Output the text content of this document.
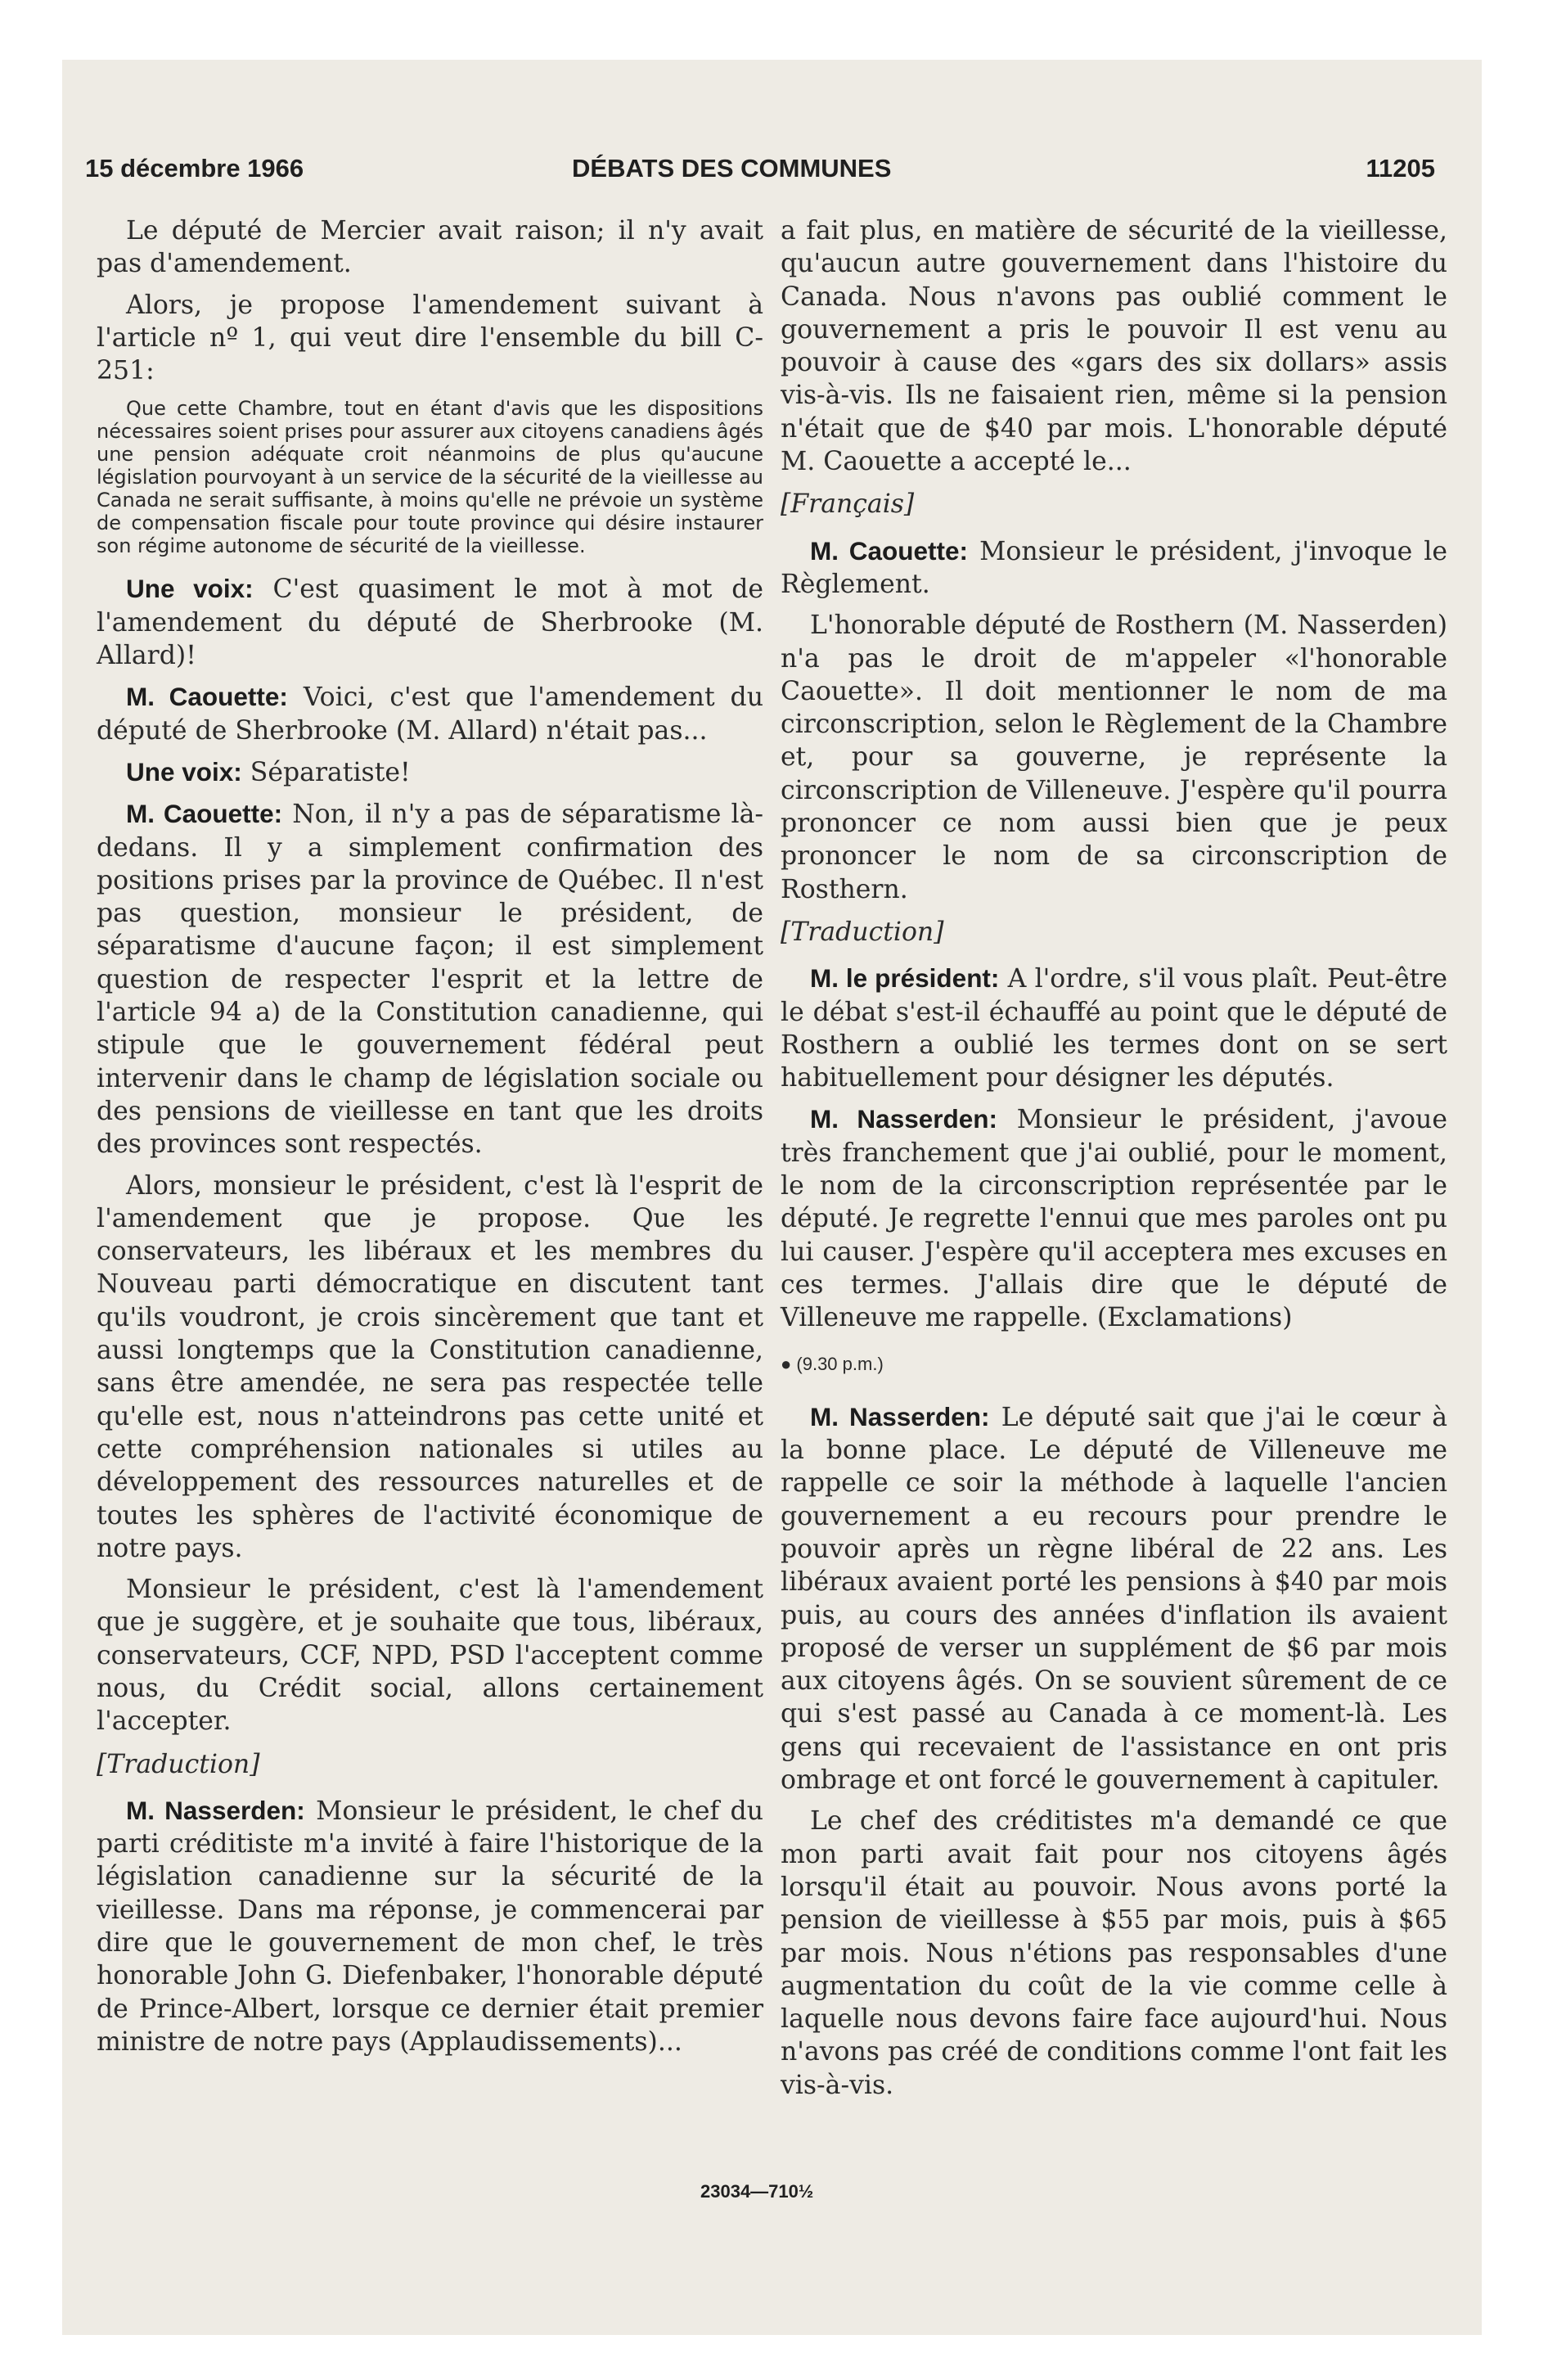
15 décembre 1966	DÉBATS DES COMMUNES	11205

Le député de Mercier avait raison; il n'y avait pas d'amendement.

Alors, je propose l'amendement suivant à l'article nº 1, qui veut dire l'ensemble du bill C-251:

Que cette Chambre, tout en étant d'avis que les dispositions nécessaires soient prises pour assurer aux citoyens canadiens âgés une pension adéquate croit néanmoins de plus qu'aucune législation pourvoyant à un service de la sécurité de la vieillesse au Canada ne serait suffisante, à moins qu'elle ne prévoie un système de compensation fiscale pour toute province qui désire instaurer son régime autonome de sécurité de la vieillesse.

Une voix: C'est quasiment le mot à mot de l'amendement du député de Sherbrooke (M. Allard)!

M. Caouette: Voici, c'est que l'amendement du député de Sherbrooke (M. Allard) n'était pas...

Une voix: Séparatiste!

M. Caouette: Non, il n'y a pas de séparatisme là-dedans. Il y a simplement confirmation des positions prises par la province de Québec. Il n'est pas question, monsieur le président, de séparatisme d'aucune façon; il est simplement question de respecter l'esprit et la lettre de l'article 94 a) de la Constitution canadienne, qui stipule que le gouvernement fédéral peut intervenir dans le champ de législation sociale ou des pensions de vieillesse en tant que les droits des provinces sont respectés.

Alors, monsieur le président, c'est là l'esprit de l'amendement que je propose. Que les conservateurs, les libéraux et les membres du Nouveau parti démocratique en discutent tant qu'ils voudront, je crois sincèrement que tant et aussi longtemps que la Constitution canadienne, sans être amendée, ne sera pas respectée telle qu'elle est, nous n'atteindrons pas cette unité et cette compréhension nationales si utiles au développement des ressources naturelles et de toutes les sphères de l'activité économique de notre pays.

Monsieur le président, c'est là l'amendement que je suggère, et je souhaite que tous, libéraux, conservateurs, CCF, NPD, PSD l'acceptent comme nous, du Crédit social, allons certainement l'accepter.

[Traduction]

M. Nasserden: Monsieur le président, le chef du parti créditiste m'a invité à faire l'historique de la législation canadienne sur la sécurité de la vieillesse. Dans ma réponse, je commencerai par dire que le gouvernement de mon chef, le très honorable John G. Diefenbaker, l'honorable député de Prince-Albert, lorsque ce dernier était premier ministre de notre pays (Applaudissements)...

a fait plus, en matière de sécurité de la vieillesse, qu'aucun autre gouvernement dans l'histoire du Canada. Nous n'avons pas oublié comment le gouvernement a pris le pouvoir Il est venu au pouvoir à cause des «gars des six dollars» assis vis-à-vis. Ils ne faisaient rien, même si la pension n'était que de $40 par mois. L'honorable député M. Caouette a accepté le...

[Français]

M. Caouette: Monsieur le président, j'invoque le Règlement.

L'honorable député de Rosthern (M. Nasserden) n'a pas le droit de m'appeler «l'honorable Caouette». Il doit mentionner le nom de ma circonscription, selon le Règlement de la Chambre et, pour sa gouverne, je représente la circonscription de Villeneuve. J'espère qu'il pourra prononcer ce nom aussi bien que je peux prononcer le nom de sa circonscription de Rosthern.

[Traduction]

M. le président: A l'ordre, s'il vous plaît. Peut-être le débat s'est-il échauffé au point que le député de Rosthern a oublié les termes dont on se sert habituellement pour désigner les députés.

M. Nasserden: Monsieur le président, j'avoue très franchement que j'ai oublié, pour le moment, le nom de la circonscription représentée par le député. Je regrette l'ennui que mes paroles ont pu lui causer. J'espère qu'il acceptera mes excuses en ces termes. J'allais dire que le député de Villeneuve me rappelle. (Exclamations)

● (9.30 p.m.)

M. Nasserden: Le député sait que j'ai le cœur à la bonne place. Le député de Villeneuve me rappelle ce soir la méthode à laquelle l'ancien gouvernement a eu recours pour prendre le pouvoir après un règne libéral de 22 ans. Les libéraux avaient porté les pensions à $40 par mois puis, au cours des années d'inflation ils avaient proposé de verser un supplément de $6 par mois aux citoyens âgés. On se souvient sûrement de ce qui s'est passé au Canada à ce moment-là. Les gens qui recevaient de l'assistance en ont pris ombrage et ont forcé le gouvernement à capituler.

Le chef des créditistes m'a demandé ce que mon parti avait fait pour nos citoyens âgés lorsqu'il était au pouvoir. Nous avons porté la pension de vieillesse à $55 par mois, puis à $65 par mois. Nous n'étions pas responsables d'une augmentation du coût de la vie comme celle à laquelle nous devons faire face aujourd'hui. Nous n'avons pas créé de conditions comme l'ont fait les vis-à-vis.

23034—710½
